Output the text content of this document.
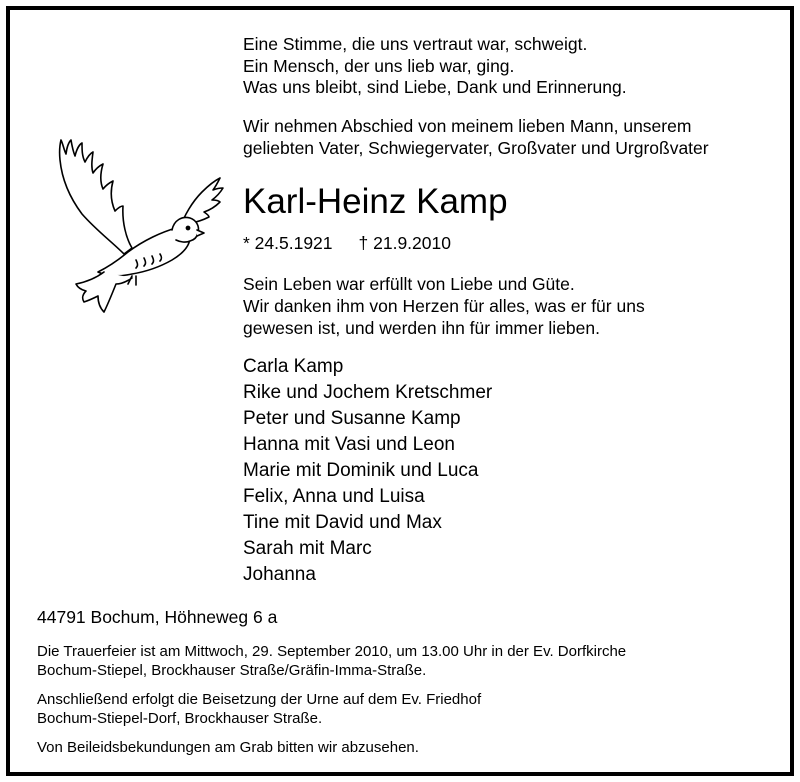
Eine Stimme, die uns vertraut war, schweigt.
Ein Mensch, der uns lieb war, ging.
Was uns bleibt, sind Liebe, Dank und Erinnerung.
Wir nehmen Abschied von meinem lieben Mann, unserem
geliebten Vater, Schwiegervater, Großvater und Urgroßvater
Karl-Heinz Kamp
* 24.5.1921 † 21.9.2010
Sein Leben war erfüllt von Liebe und Güte.
Wir danken ihm von Herzen für alles, was er für uns
gewesen ist, und werden ihn für immer lieben.
Carla Kamp
Rike und Jochem Kretschmer
Peter und Susanne Kamp
Hanna mit Vasi und Leon
Marie mit Dominik und Luca
Felix, Anna und Luisa
Tine mit David und Max
Sarah mit Marc
Johanna
44791 Bochum, Höhneweg 6 a
Die Trauerfeier ist am Mittwoch, 29. September 2010, um 13.00 Uhr in der Ev. Dorfkirche
Bochum-Stiepel, Brockhauser Straße/Gräfin-Imma-Straße.
Anschließend erfolgt die Beisetzung der Urne auf dem Ev. Friedhof
Bochum-Stiepel-Dorf, Brockhauser Straße.
Von Beileidsbekundungen am Grab bitten wir abzusehen.
